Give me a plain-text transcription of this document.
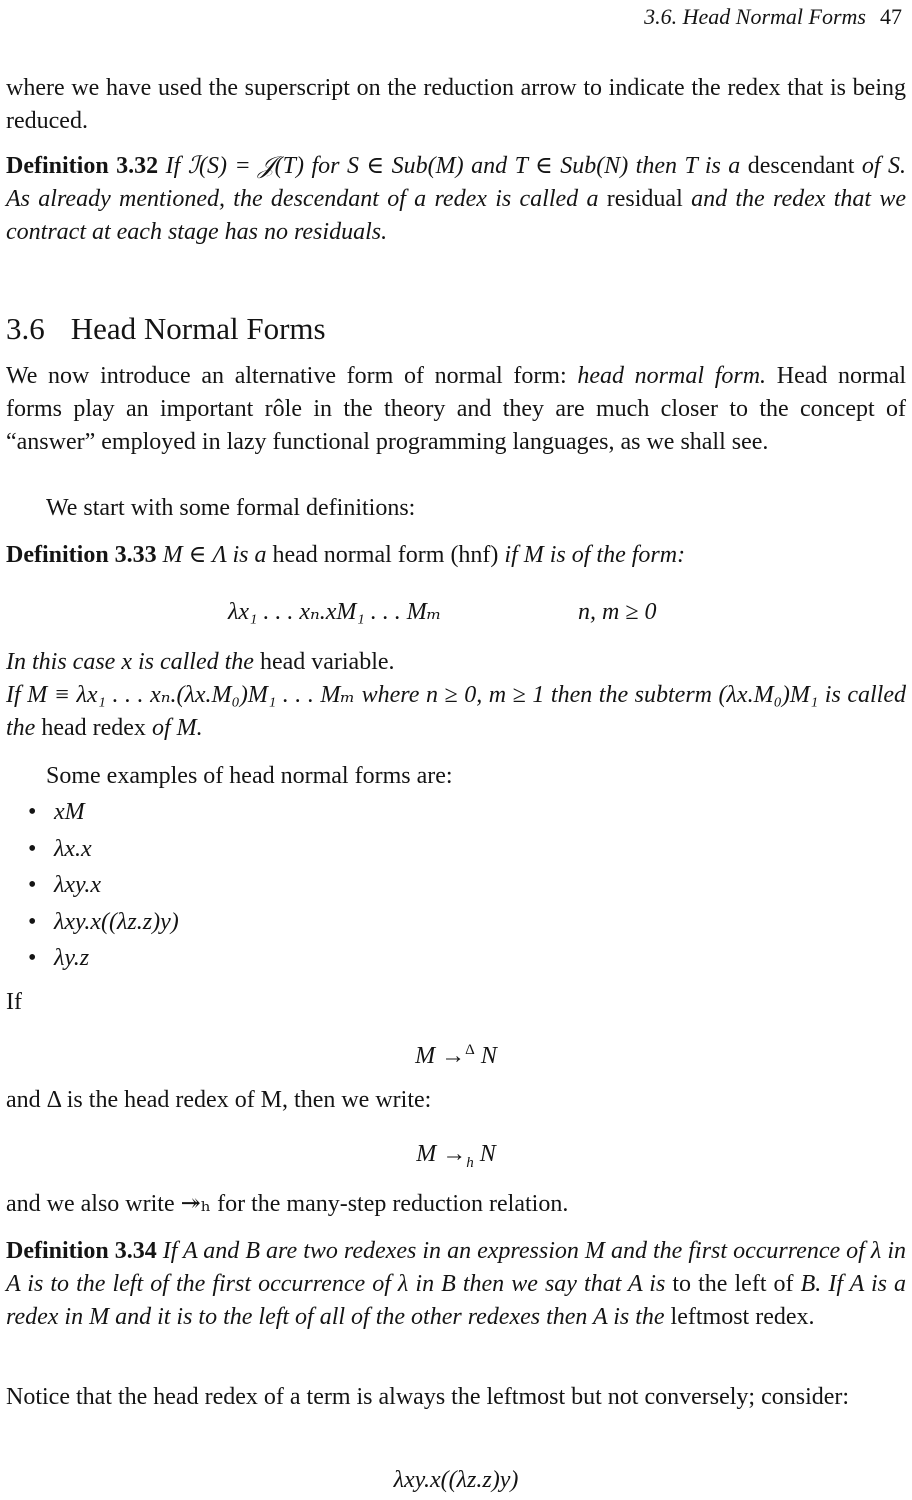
3.6. Head Normal Forms 47
where we have used the superscript on the reduction arrow to indicate the redex that is being reduced.
Definition 3.32 If ℐ(S) = 𝒥(T) for S ∈ Sub(M) and T ∈ Sub(N) then T is a descendant of S. As already mentioned, the descendant of a redex is called a residual and the redex that we contract at each stage has no residuals.
3.6 Head Normal Forms
We now introduce an alternative form of normal form: head normal form. Head normal forms play an important rôle in the theory and they are much closer to the concept of “answer” employed in lazy functional programming languages, as we shall see.
We start with some formal definitions:
Definition 3.33 M ∈ Λ is a head normal form (hnf) if M is of the form:
λx₁ . . . xₙ.xM₁ . . . Mₘ	n, m ≥ 0
In this case x is called the head variable.
If M ≡ λx₁ . . . xₙ.(λx.M₀)M₁ . . . Mₘ where n ≥ 0, m ≥ 1 then the subterm (λx.M₀)M₁ is called the head redex of M.
Some examples of head normal forms are:
• xM
• λx.x
• λxy.x
• λxy.x((λz.z)y)
• λy.z
If
M →$^\Delta$ N
and Δ is the head redex of M, then we write:
$M \to_h$ N
and we also write ↠ₕ for the many-step reduction relation.
Definition 3.34 If A and B are two redexes in an expression M and the first occurrence of λ in A is to the left of the first occurrence of λ in B then we say that A is to the left of B. If A is a redex in M and it is to the left of all of the other redexes then A is the leftmost redex.
Notice that the head redex of a term is always the leftmost but not conversely; consider:
λxy.x((λz.z)y)
